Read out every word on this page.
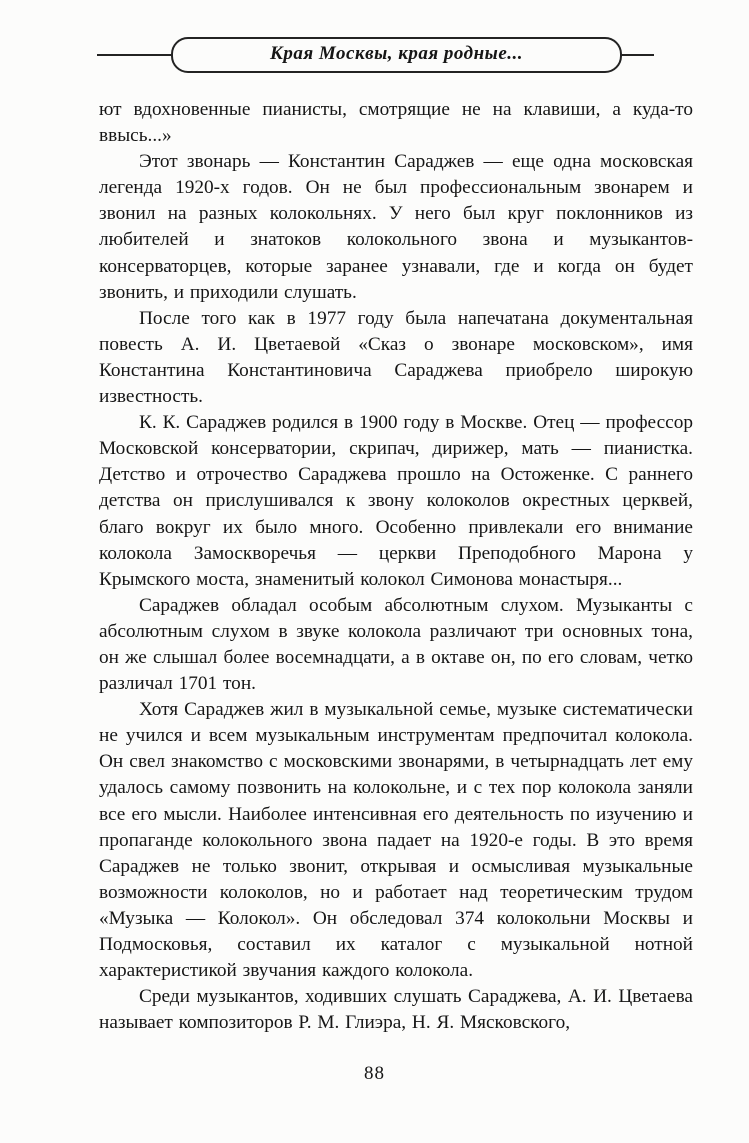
Края Москвы, края родные...

ют вдохновенные пианисты, смотрящие не на клавиши, а куда-то ввысь...»

Этот звонарь — Константин Сараджев — еще одна московская легенда 1920-х годов. Он не был профессиональным звонарем и звонил на разных колокольнях. У него был круг поклонников из любителей и знатоков колокольного звона и музыкантов-консерваторцев, которые заранее узнавали, где и когда он будет звонить, и приходили слушать.

После того как в 1977 году была напечатана документальная повесть А. И. Цветаевой «Сказ о звонаре московском», имя Константина Константиновича Сараджева приобрело широкую известность.

К. К. Сараджев родился в 1900 году в Москве. Отец — профессор Московской консерватории, скрипач, дирижер, мать — пианистка. Детство и отрочество Сараджева прошло на Остоженке. С раннего детства он прислушивался к звону колоколов окрестных церквей, благо вокруг их было много. Особенно привлекали его внимание колокола Замоскворечья — церкви Преподобного Марона у Крымского моста, знаменитый колокол Симонова монастыря...

Сараджев обладал особым абсолютным слухом. Музыканты с абсолютным слухом в звуке колокола различают три основных тона, он же слышал более восемнадцати, а в октаве он, по его словам, четко различал 1701 тон.

Хотя Сараджев жил в музыкальной семье, музыке систематически не учился и всем музыкальным инструментам предпочитал колокола. Он свел знакомство с московскими звонарями, в четырнадцать лет ему удалось самому позвонить на колокольне, и с тех пор колокола заняли все его мысли. Наиболее интенсивная его деятельность по изучению и пропаганде колокольного звона падает на 1920-е годы. В это время Сараджев не только звонит, открывая и осмысливая музыкальные возможности колоколов, но и работает над теоретическим трудом «Музыка — Колокол». Он обследовал 374 колокольни Москвы и Подмосковья, составил их каталог с музыкальной нотной характеристикой звучания каждого колокола.

Среди музыкантов, ходивших слушать Сараджева, А. И. Цветаева называет композиторов Р. М. Глиэра, Н. Я. Мясковского,

88
